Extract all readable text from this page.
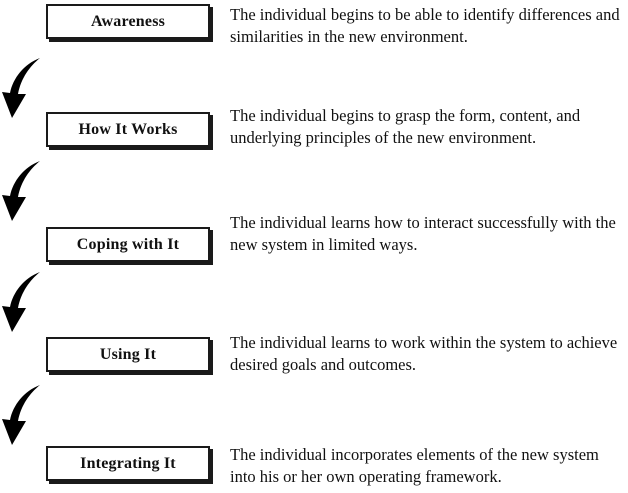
Awareness	The individual begins to be able to identify differences and similarities in the new environment.

How It Works

The individual begins to grasp the form, content, and underlying principles of the new environment.

Coping with It

The individual learns how to interact successfully with the new system in limited ways.

Using It

The individual learns to work within the system to achieve desired goals and outcomes.

Integrating It	The individual incorporates elements of the new system into his or her own operating framework.
